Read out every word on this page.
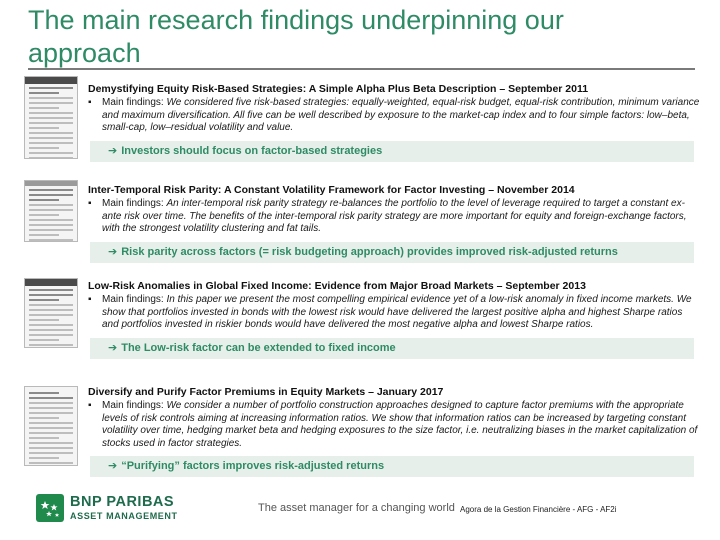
The main research findings underpinning our approach
Demystifying Equity Risk-Based Strategies: A Simple Alpha Plus Beta Description – September 2011
▪ Main findings: We considered five risk-based strategies: equally-weighted, equal-risk budget, equal-risk contribution, minimum variance and maximum diversification. All five can be well described by exposure to the market-cap index and to four simple factors: low–beta, small-cap, low–residual volatility and value.
➔ Investors should focus on factor-based strategies
Inter-Temporal Risk Parity: A Constant Volatility Framework for Factor Investing – November 2014
▪ Main findings: An inter-temporal risk parity strategy re-balances the portfolio to the level of leverage required to target a constant ex-ante risk over time. The benefits of the inter-temporal risk parity strategy are more important for equity and foreign-exchange factors, with the strongest volatility clustering and fat tails.
➔ Risk parity across factors (= risk budgeting approach) provides improved risk-adjusted returns
Low-Risk Anomalies in Global Fixed Income: Evidence from Major Broad Markets – September 2013
▪ Main findings: In this paper we present the most compelling empirical evidence yet of a low-risk anomaly in fixed income markets. We show that portfolios invested in bonds with the lowest risk would have delivered the largest positive alpha and highest Sharpe ratios and portfolios invested in riskier bonds would have delivered the most negative alpha and lowest Sharpe ratios.
➔ The Low-risk factor can be extended to fixed income
Diversify and Purify Factor Premiums in Equity Markets – January 2017
▪ Main findings: We consider a number of portfolio construction approaches designed to capture factor premiums with the appropriate levels of risk controls aiming at increasing information ratios. We show that information ratios can be increased by targeting constant volatility over time, hedging market beta and hedging exposures to the size factor, i.e. neutralizing biases in the market capitalization of stocks used in factor strategies.
➔ “Purifying” factors improves risk-adjusted returns
BNP PARIBAS
ASSET MANAGEMENT
The asset manager for a changing world Agora de la Gestion Financière - AFG - AF2i
